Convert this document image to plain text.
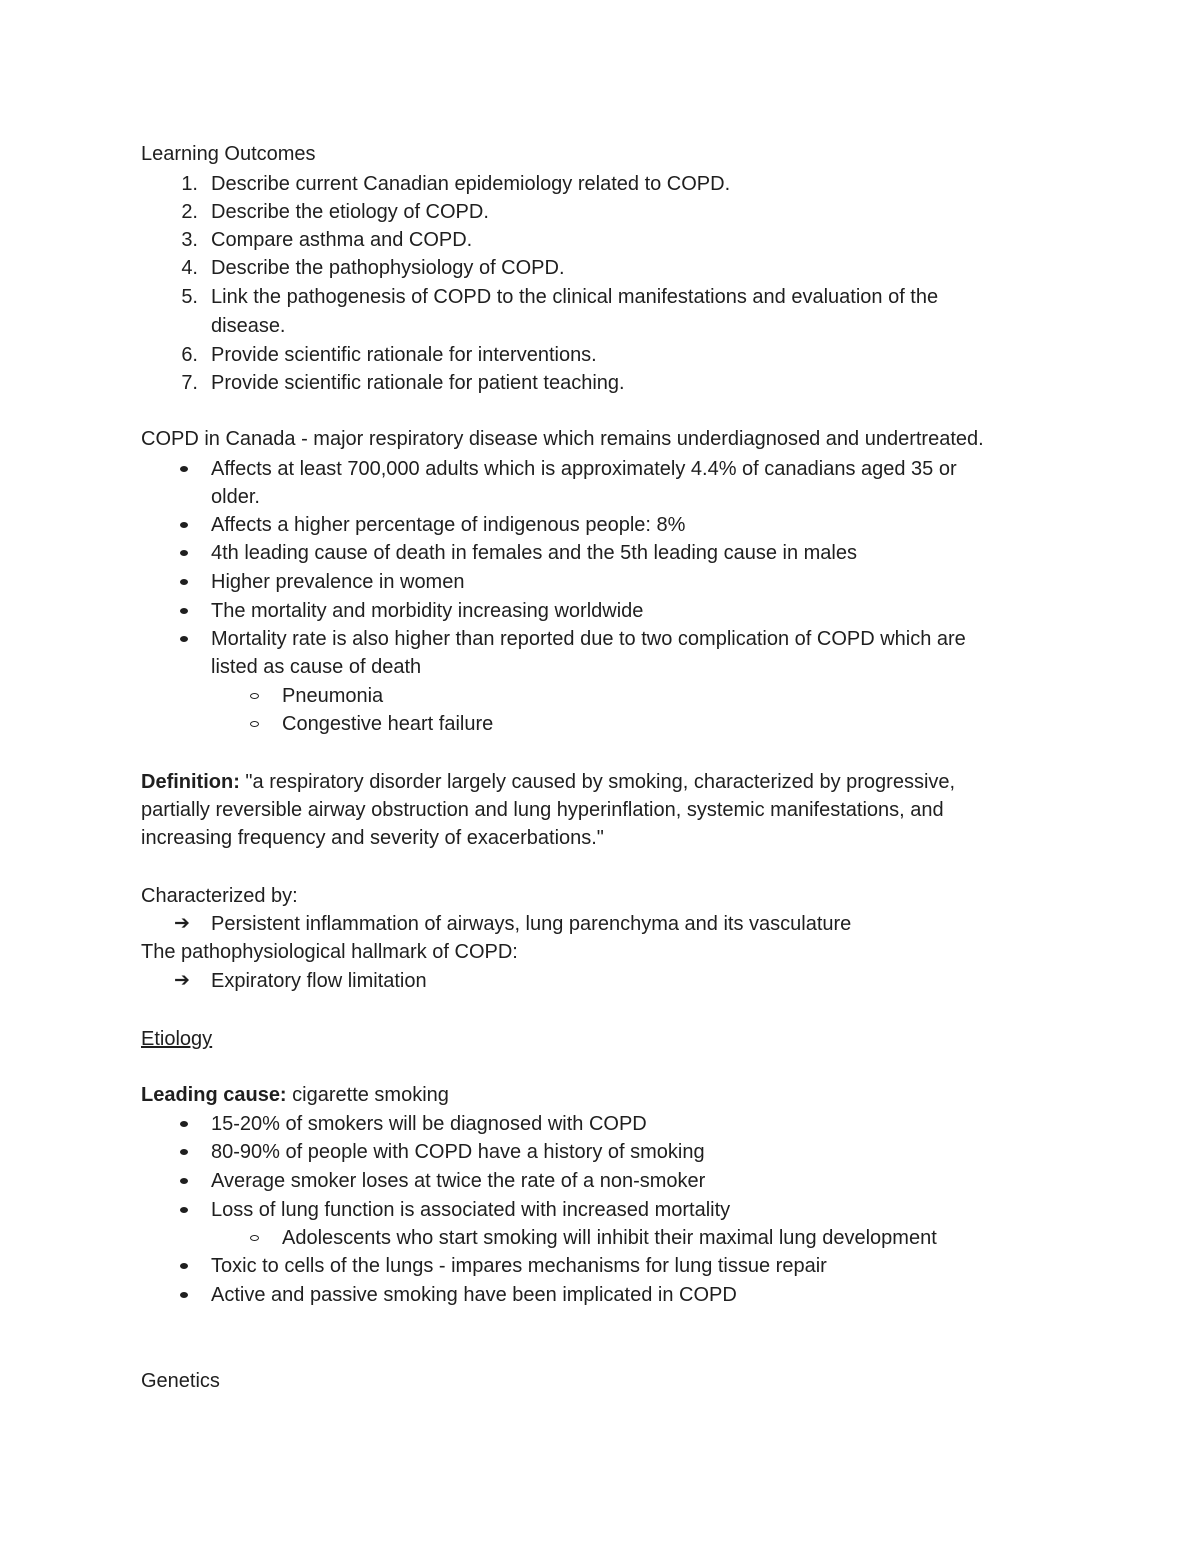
Learning Outcomes
1. Describe current Canadian epidemiology related to COPD.
2. Describe the etiology of COPD.
3. Compare asthma and COPD.
4. Describe the pathophysiology of COPD.
5. Link the pathogenesis of COPD to the clinical manifestations and evaluation of the
disease.
6. Provide scientific rationale for interventions.
7. Provide scientific rationale for patient teaching.
COPD in Canada - major respiratory disease which remains underdiagnosed and undertreated.
Affects at least 700,000 adults which is approximately 4.4% of canadians aged 35 or
older.
Affects a higher percentage of indigenous people: 8%
4th leading cause of death in females and the 5th leading cause in males
Higher prevalence in women
The mortality and morbidity increasing worldwide
Mortality rate is also higher than reported due to two complication of COPD which are
listed as cause of death
Pneumonia
Congestive heart failure
Definition: "a respiratory disorder largely caused by smoking, characterized by progressive,
partially reversible airway obstruction and lung hyperinflation, systemic manifestations, and
increasing frequency and severity of exacerbations."
Characterized by:
➔ Persistent inflammation of airways, lung parenchyma and its vasculature
The pathophysiological hallmark of COPD:
➔ Expiratory flow limitation
Etiology
Leading cause: cigarette smoking
15-20% of smokers will be diagnosed with COPD
80-90% of people with COPD have a history of smoking
Average smoker loses at twice the rate of a non-smoker
Loss of lung function is associated with increased mortality
Adolescents who start smoking will inhibit their maximal lung development
Toxic to cells of the lungs - impares mechanisms for lung tissue repair
Active and passive smoking have been implicated in COPD
Genetics
